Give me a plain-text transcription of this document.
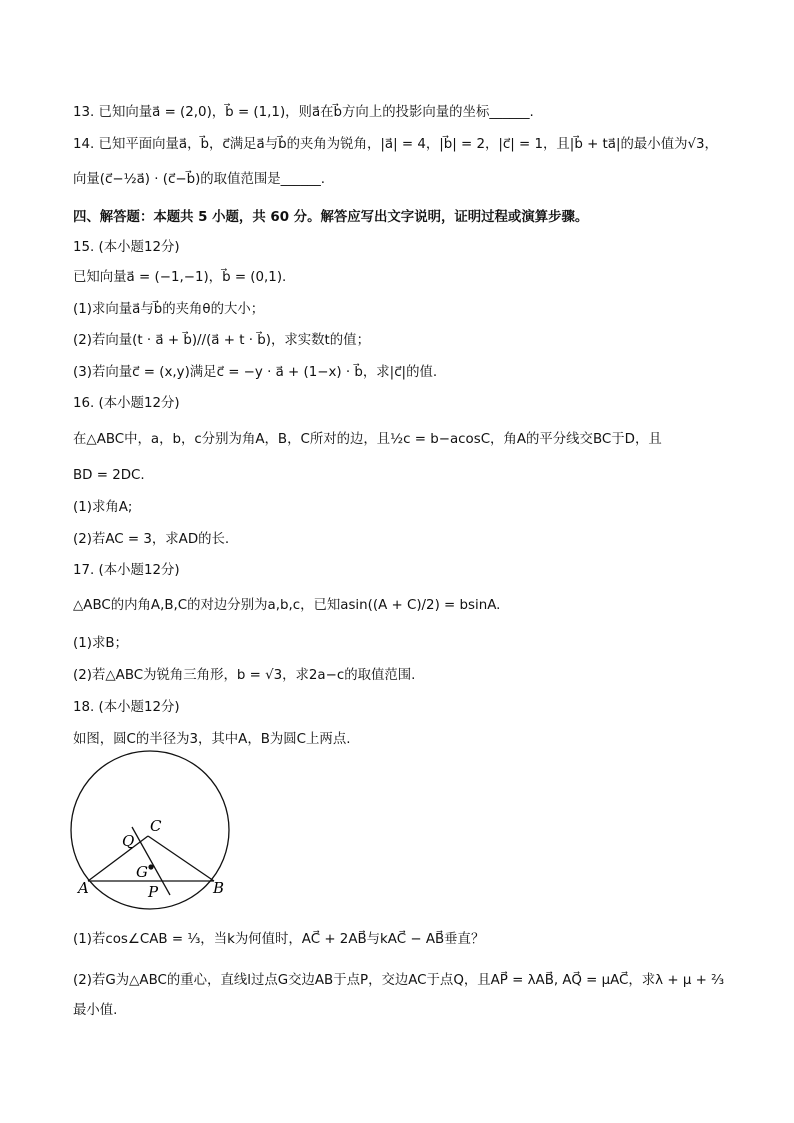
13. 已知向量a⃗ = (2,0)，b⃗ = (1,1)，则a⃗在b⃗方向上的投影向量的坐标______.
14. 已知平面向量a⃗，b⃗，c⃗满足a⃗与b⃗的夹角为锐角，|a⃗| = 4，|b⃗| = 2，|c⃗| = 1，且|b⃗ + ta⃗|的最小值为√3，
向量(c⃗−½a⃗) · (c⃗−b⃗)的取值范围是______.
四、解答题：本题共 5 小题，共 60 分。解答应写出文字说明，证明过程或演算步骤。
15. (本小题12分)
已知向量a⃗ = (−1,−1)，b⃗ = (0,1).
(1)求向量a⃗与b⃗的夹角θ的大小；
(2)若向量(t · a⃗ + b⃗)//(a⃗ + t · b⃗)，求实数t的值；
(3)若向量c⃗ = (x,y)满足c⃗ = −y · a⃗ + (1−x) · b⃗，求|c⃗|的值.
16. (本小题12分)
在△ABC中，a，b，c分别为角A，B，C所对的边，且½c = b−acosC，角A的平分线交BC于D，且
BD = 2DC.
(1)求角A;
(2)若AC = 3，求AD的长.
17. (本小题12分)
△ABC的内角A,B,C的对边分别为a,b,c，已知asin((A + C)/2) = bsinA.
(1)求B；
(2)若△ABC为锐角三角形，b = √3，求2a−c的取值范围.
18. (本小题12分)
如图，圆C的半径为3，其中A，B为圆C上两点.
C
Q
G
A	P	B
(1)若cos∠CAB = ⅓，当k为何值时，AC⃗ + 2AB⃗与kAC⃗ − AB⃗垂直？
(2)若G为△ABC的重心，直线l过点G交边AB于点P，交边AC于点Q，且AP⃗ = λAB⃗, AQ⃗ = μAC⃗，求λ + μ + ⅔最小值.
